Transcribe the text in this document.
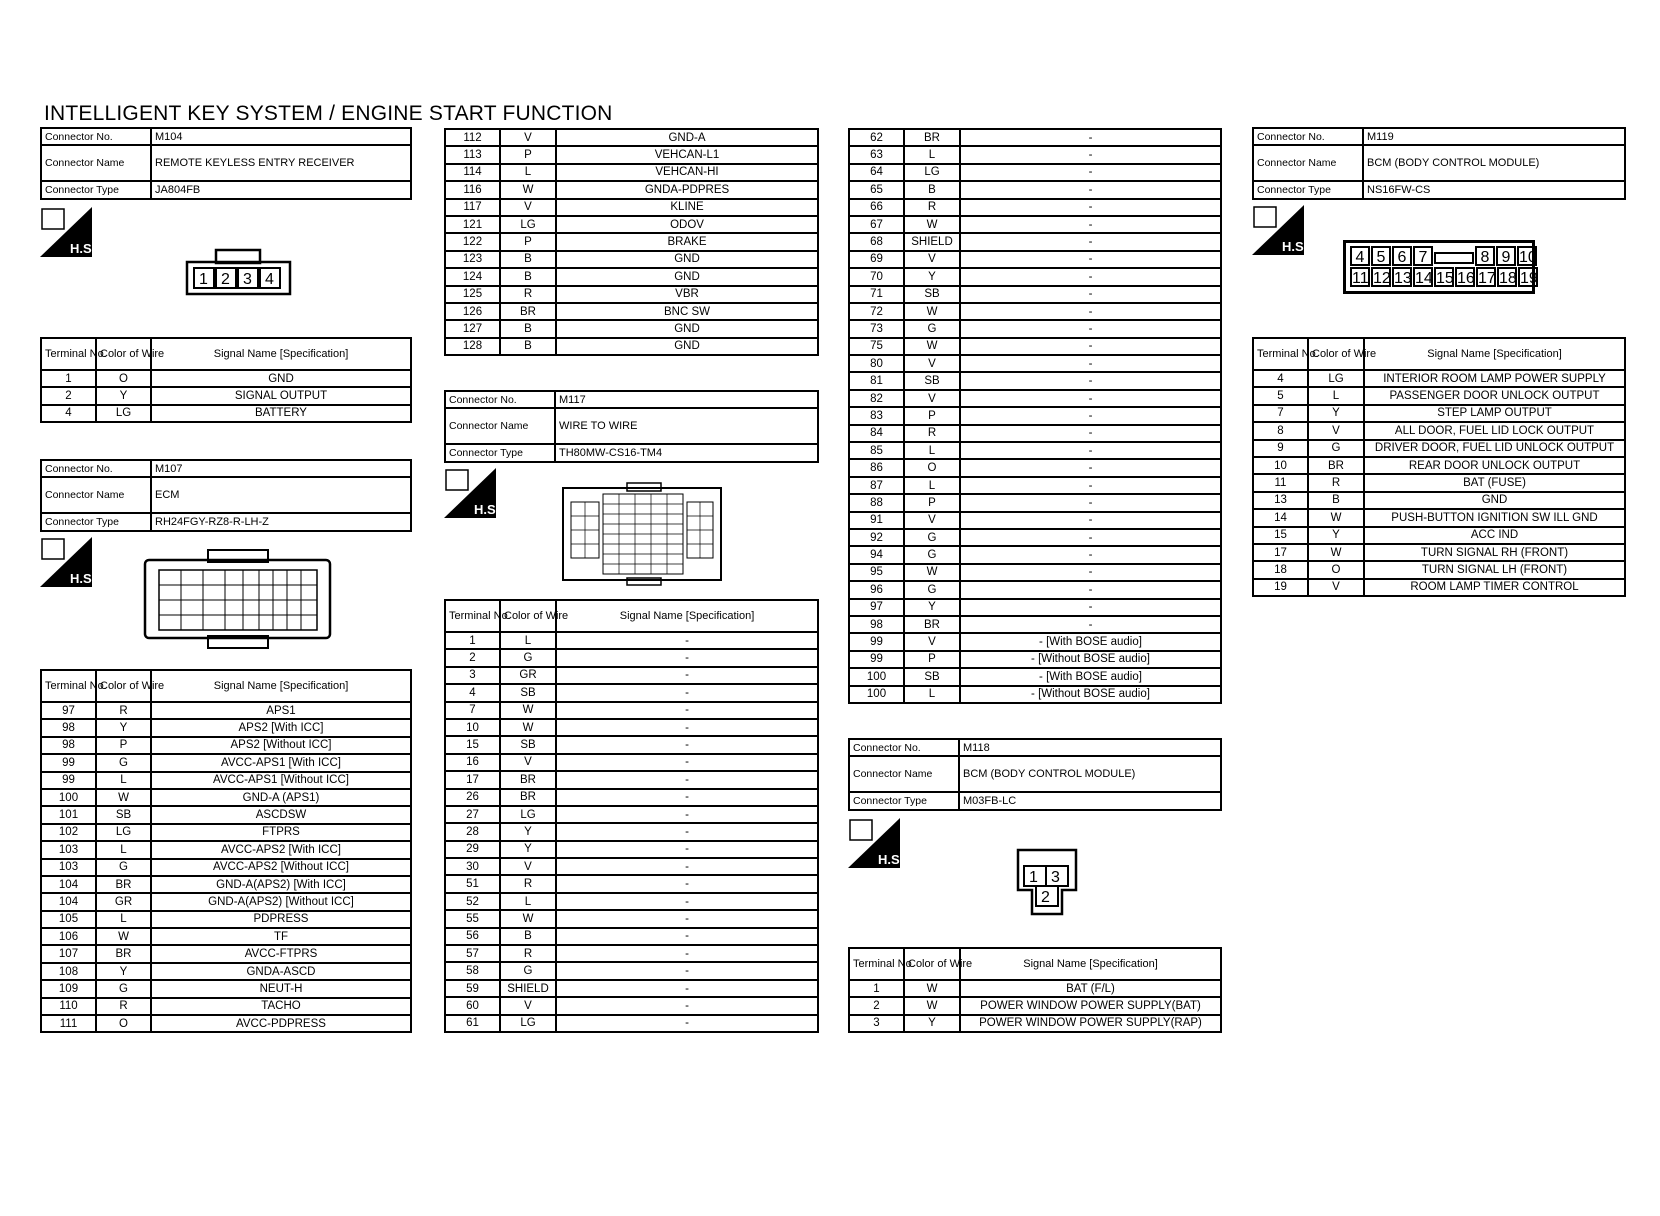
INTELLIGENT KEY SYSTEM / ENGINE START FUNCTION
Connector No.	M104
Connector Name	REMOTE KEYLESS ENTRY RECEIVER
Connector Type	JA804FB
H.S.
1 2 3 4
Terminal No.	Color of Wire	Signal Name [Specification]
1	O	GND
2	Y	SIGNAL OUTPUT
4	LG	BATTERY
Connector No.	M107
Connector Name	ECM
Connector Type	RH24FGY-RZ8-R-LH-Z
H.S.
Terminal No.	Color of Wire	Signal Name [Specification]
97	R	APS1
98	Y	APS2 [With ICC]
98	P	APS2 [Without ICC]
99	G	AVCC-APS1 [With ICC]
99	L	AVCC-APS1 [Without ICC]
100	W	GND-A (APS1)
101	SB	ASCDSW
102	LG	FTPRS
103	L	AVCC-APS2 [With ICC]
103	G	AVCC-APS2 [Without ICC]
104	BR	GND-A(APS2) [With ICC]
104	GR	GND-A(APS2) [Without ICC]
105	L	PDPRESS
106	W	TF
107	BR	AVCC-FTPRS
108	Y	GNDA-ASCD
109	G	NEUT-H
110	R	TACHO
111	O	AVCC-PDPRESS
112	V	GND-A
113	P	VEHCAN-L1
114	L	VEHCAN-HI
116	W	GNDA-PDPRES
117	V	KLINE
121	LG	ODOV
122	P	BRAKE
123	B	GND
124	B	GND
125	R	VBR
126	BR	BNC SW
127	B	GND
128	B	GND
Connector No.	M117
Connector Name	WIRE TO WIRE
Connector Type	TH80MW-CS16-TM4
H.S.
Terminal No.	Color of Wire	Signal Name [Specification]
1	L	-
2	G	-
3	GR	-
4	SB	-
7	W	-
10	W	-
15	SB	-
16	V	-
17	BR	-
26	BR	-
27	LG	-
28	Y	-
29	Y	-
30	V	-
51	R	-
52	L	-
55	W	-
56	B	-
57	R	-
58	G	-
59	SHIELD	-
60	V	-
61	LG	-
62	BR	-
63	L	-
64	LG	-
65	B	-
66	R	-
67	W	-
68	SHIELD	-
69	V	-
70	Y	-
71	SB	-
72	W	-
73	G	-
75	W	-
80	V	-
81	SB	-
82	V	-
83	P	-
84	R	-
85	L	-
86	O	-
87	L	-
88	P	-
91	V	-
92	G	-
94	G	-
95	W	-
96	G	-
97	Y	-
98	BR	-
99	V	- [With BOSE audio]
99	P	- [Without BOSE audio]
100	SB	- [With BOSE audio]
100	L	- [Without BOSE audio]
Connector No.	M118
Connector Name	BCM (BODY CONTROL MODULE)
Connector Type	M03FB-LC
H.S.
1 3
2
Terminal No.	Color of Wire	Signal Name [Specification]
1	W	BAT (F/L)
2	W	POWER WINDOW POWER SUPPLY(BAT)
3	Y	POWER WINDOW POWER SUPPLY(RAP)
Connector No.	M119
Connector Name	BCM (BODY CONTROL MODULE)
Connector Type	NS16FW-CS
H.S.
4 5 6 7	8 9 10
11 12 13 14 15 16 17 18 19
Terminal No.	Color of Wire	Signal Name [Specification]
4	LG	INTERIOR ROOM LAMP POWER SUPPLY
5	L	PASSENGER DOOR UNLOCK OUTPUT
7	Y	STEP LAMP OUTPUT
8	V	ALL DOOR, FUEL LID LOCK OUTPUT
9	G	DRIVER DOOR, FUEL LID UNLOCK OUTPUT
10	BR	REAR DOOR UNLOCK OUTPUT
11	R	BAT (FUSE)
13	B	GND
14	W	PUSH-BUTTON IGNITION SW ILL GND
15	Y	ACC IND
17	W	TURN SIGNAL RH (FRONT)
18	O	TURN SIGNAL LH (FRONT)
19	V	ROOM LAMP TIMER CONTROL
